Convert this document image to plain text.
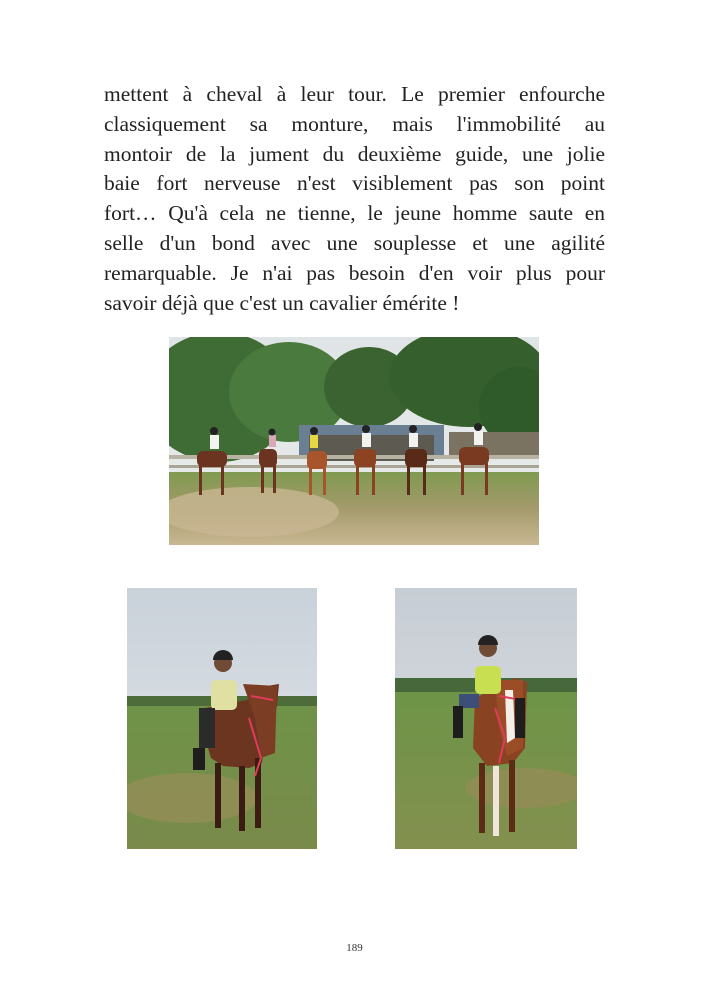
mettent à cheval à leur tour. Le premier enfourche
classiquement sa monture, mais l'immobilité au
montoir de la jument du deuxième guide, une jolie
baie fort nerveuse n'est visiblement pas son point
fort… Qu'à cela ne tienne, le jeune homme saute en
selle d'un bond avec une souplesse et une agilité
remarquable. Je n'ai pas besoin d'en voir plus pour
savoir déjà que c'est un cavalier émérite !
189
